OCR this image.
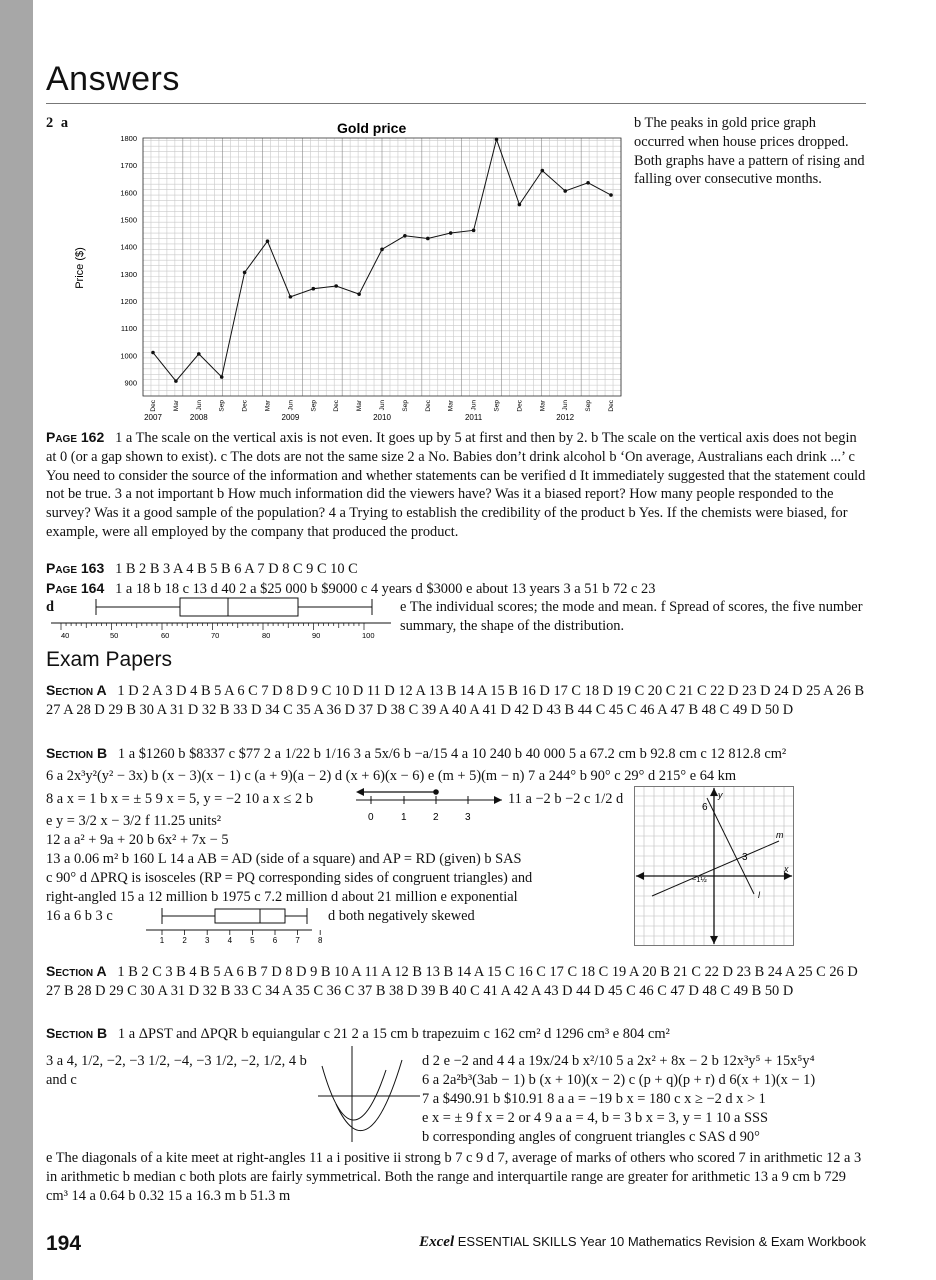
Answers
2 a	Gold price
Price ($)
900
1000
1100
1200
1300
1400
1500
1600
1700
1800
Dec Mar Jun Sep Dec Mar Jun Sep Dec Mar Jun Sep Dec Mar Jun Sep Dec Mar Jun Sep Dec
2007	2008	2009	2010	2011	2012
b The peaks in gold price graph occurred when house prices dropped. Both graphs have a pattern of rising and falling over consecutive months.

Page 162 1 a The scale on the vertical axis is not even. It goes up by 5 at first and then by 2. b The scale on the vertical axis does not begin at 0 (or a gap shown to exist). c The dots are not the same size 2 a No. Babies don’t drink alcohol b ‘On average, Australians each drink ...’ c You need to consider the source of the information and whether statements can be verified d It immediately suggested that the statement could not be true. 3 a not important b How much information did the viewers have? Was it a biased report? How many people responded to the survey? Was it a good sample of the population? 4 a Trying to establish the credibility of the product b Yes. If the chemists were biased, for example, were all employed by the company that produced the product.

Page 163 1 B 2 B 3 A 4 B 5 B 6 A 7 D 8 C 9 C 10 C

Page 164 1 a 18 b 18 c 13 d 40 2 a $25 000 b $9000 c 4 years d $3000 e about 13 years 3 a 51 b 72 c 23

d
40	50	60	70	80	90	100
e The individual scores; the mode and mean. f Spread of scores, the five number summary, the shape of the distribution.
Exam Papers

Section A 1 D 2 A 3 D 4 B 5 A 6 C 7 D 8 D 9 C 10 D 11 D 12 A 13 B 14 A 15 B 16 D 17 C 18 D 19 C 20 C 21 C 22 D 23 D 24 D 25 A 26 B 27 A 28 D 29 B 30 A 31 D 32 B 33 D 34 C 35 A 36 D 37 D 38 C 39 A 40 A 41 D 42 D 43 B 44 C 45 C 46 A 47 B 48 C 49 D 50 D

Section B 1 a $1260 b $8337 c $77 2 a 1/22 b 1/16 3 a 5x/6 b −a/15 4 a 10 240 b 40 000 5 a 67.2 cm b 92.8 cm c 12 812.8 cm²

6 a 2x³y²(y² − 3x) b (x − 3)(x − 1) c (a + 9)(a − 2) d (x + 6)(x − 6) e (m + 5)(m − n) 7 a 244° b 90° c 29° d 215° e 64 km
8 a x = 1 b x = ± 5 9 x = 5, y = −2 10 a x ≤ 2 b
0	1	2	3
11 a −2 b −2 c 1/2 d	y
x
6
3
m
l
−1½
e y = 3/2 x − 3/2 f 11.25 units²
12 a a² + 9a + 20 b 6x² + 7x − 5
13 a 0.06 m² b 160 L 14 a AB = AD (side of a square) and AP = RD (given) b SAS
c 90° d ΔPRQ is isosceles (RP = PQ corresponding sides of congruent triangles) and
right-angled 15 a 12 million b 1975 c 7.2 million d about 21 million e exponential
16 a 6 b 3 c
1 2 3 4 5 6 7 8
d both negatively skewed

Section A 1 B 2 C 3 B 4 B 5 A 6 B 7 D 8 D 9 B 10 A 11 A 12 B 13 B 14 A 15 C 16 C 17 C 18 C 19 A 20 B 21 C 22 D 23 B 24 A 25 C 26 D 27 B 28 D 29 C 30 A 31 D 32 B 33 C 34 A 35 C 36 C 37 B 38 D 39 B 40 C 41 A 42 A 43 D 44 D 45 C 46 C 47 D 48 C 49 B 50 D

Section B 1 a ΔPST and ΔPQR b equiangular c 21 2 a 15 cm b trapezuim c 162 cm² d 1296 cm³ e 804 cm²

3 a 4, 1/2, −2, −3 1/2, −4, −3 1/2, −2, 1/2, 4 b and c
d 2 e −2 and 4 4 a 19x/24 b x²/10 5 a 2x² + 8x − 2 b 12x³y⁵ + 15x⁵y⁴
6 a 2a²b³(3ab − 1) b (x + 10)(x − 2) c (p + q)(p + r) d 6(x + 1)(x − 1)
7 a $490.91 b $10.91 8 a a = −19 b x = 180 c x ≥ −2 d x > 1
e x = ± 9 f x = 2 or 4 9 a a = 4, b = 3 b x = 3, y = 1 10 a SSS
b corresponding angles of congruent triangles c SAS d 90°
e The diagonals of a kite meet at right-angles 11 a i positive ii strong b 7 c 9 d 7, average of marks of others who scored 7 in arithmetic 12 a 3 in arithmetic b median c both plots are fairly symmetrical. Both the range and interquartile range are greater for arithmetic 13 a 9 cm b 729 cm³ 14 a 0.64 b 0.32 15 a 16.3 m b 51.3 m
194	Excel ESSENTIAL SKILLS Year 10 Mathematics Revision & Exam Workbook
